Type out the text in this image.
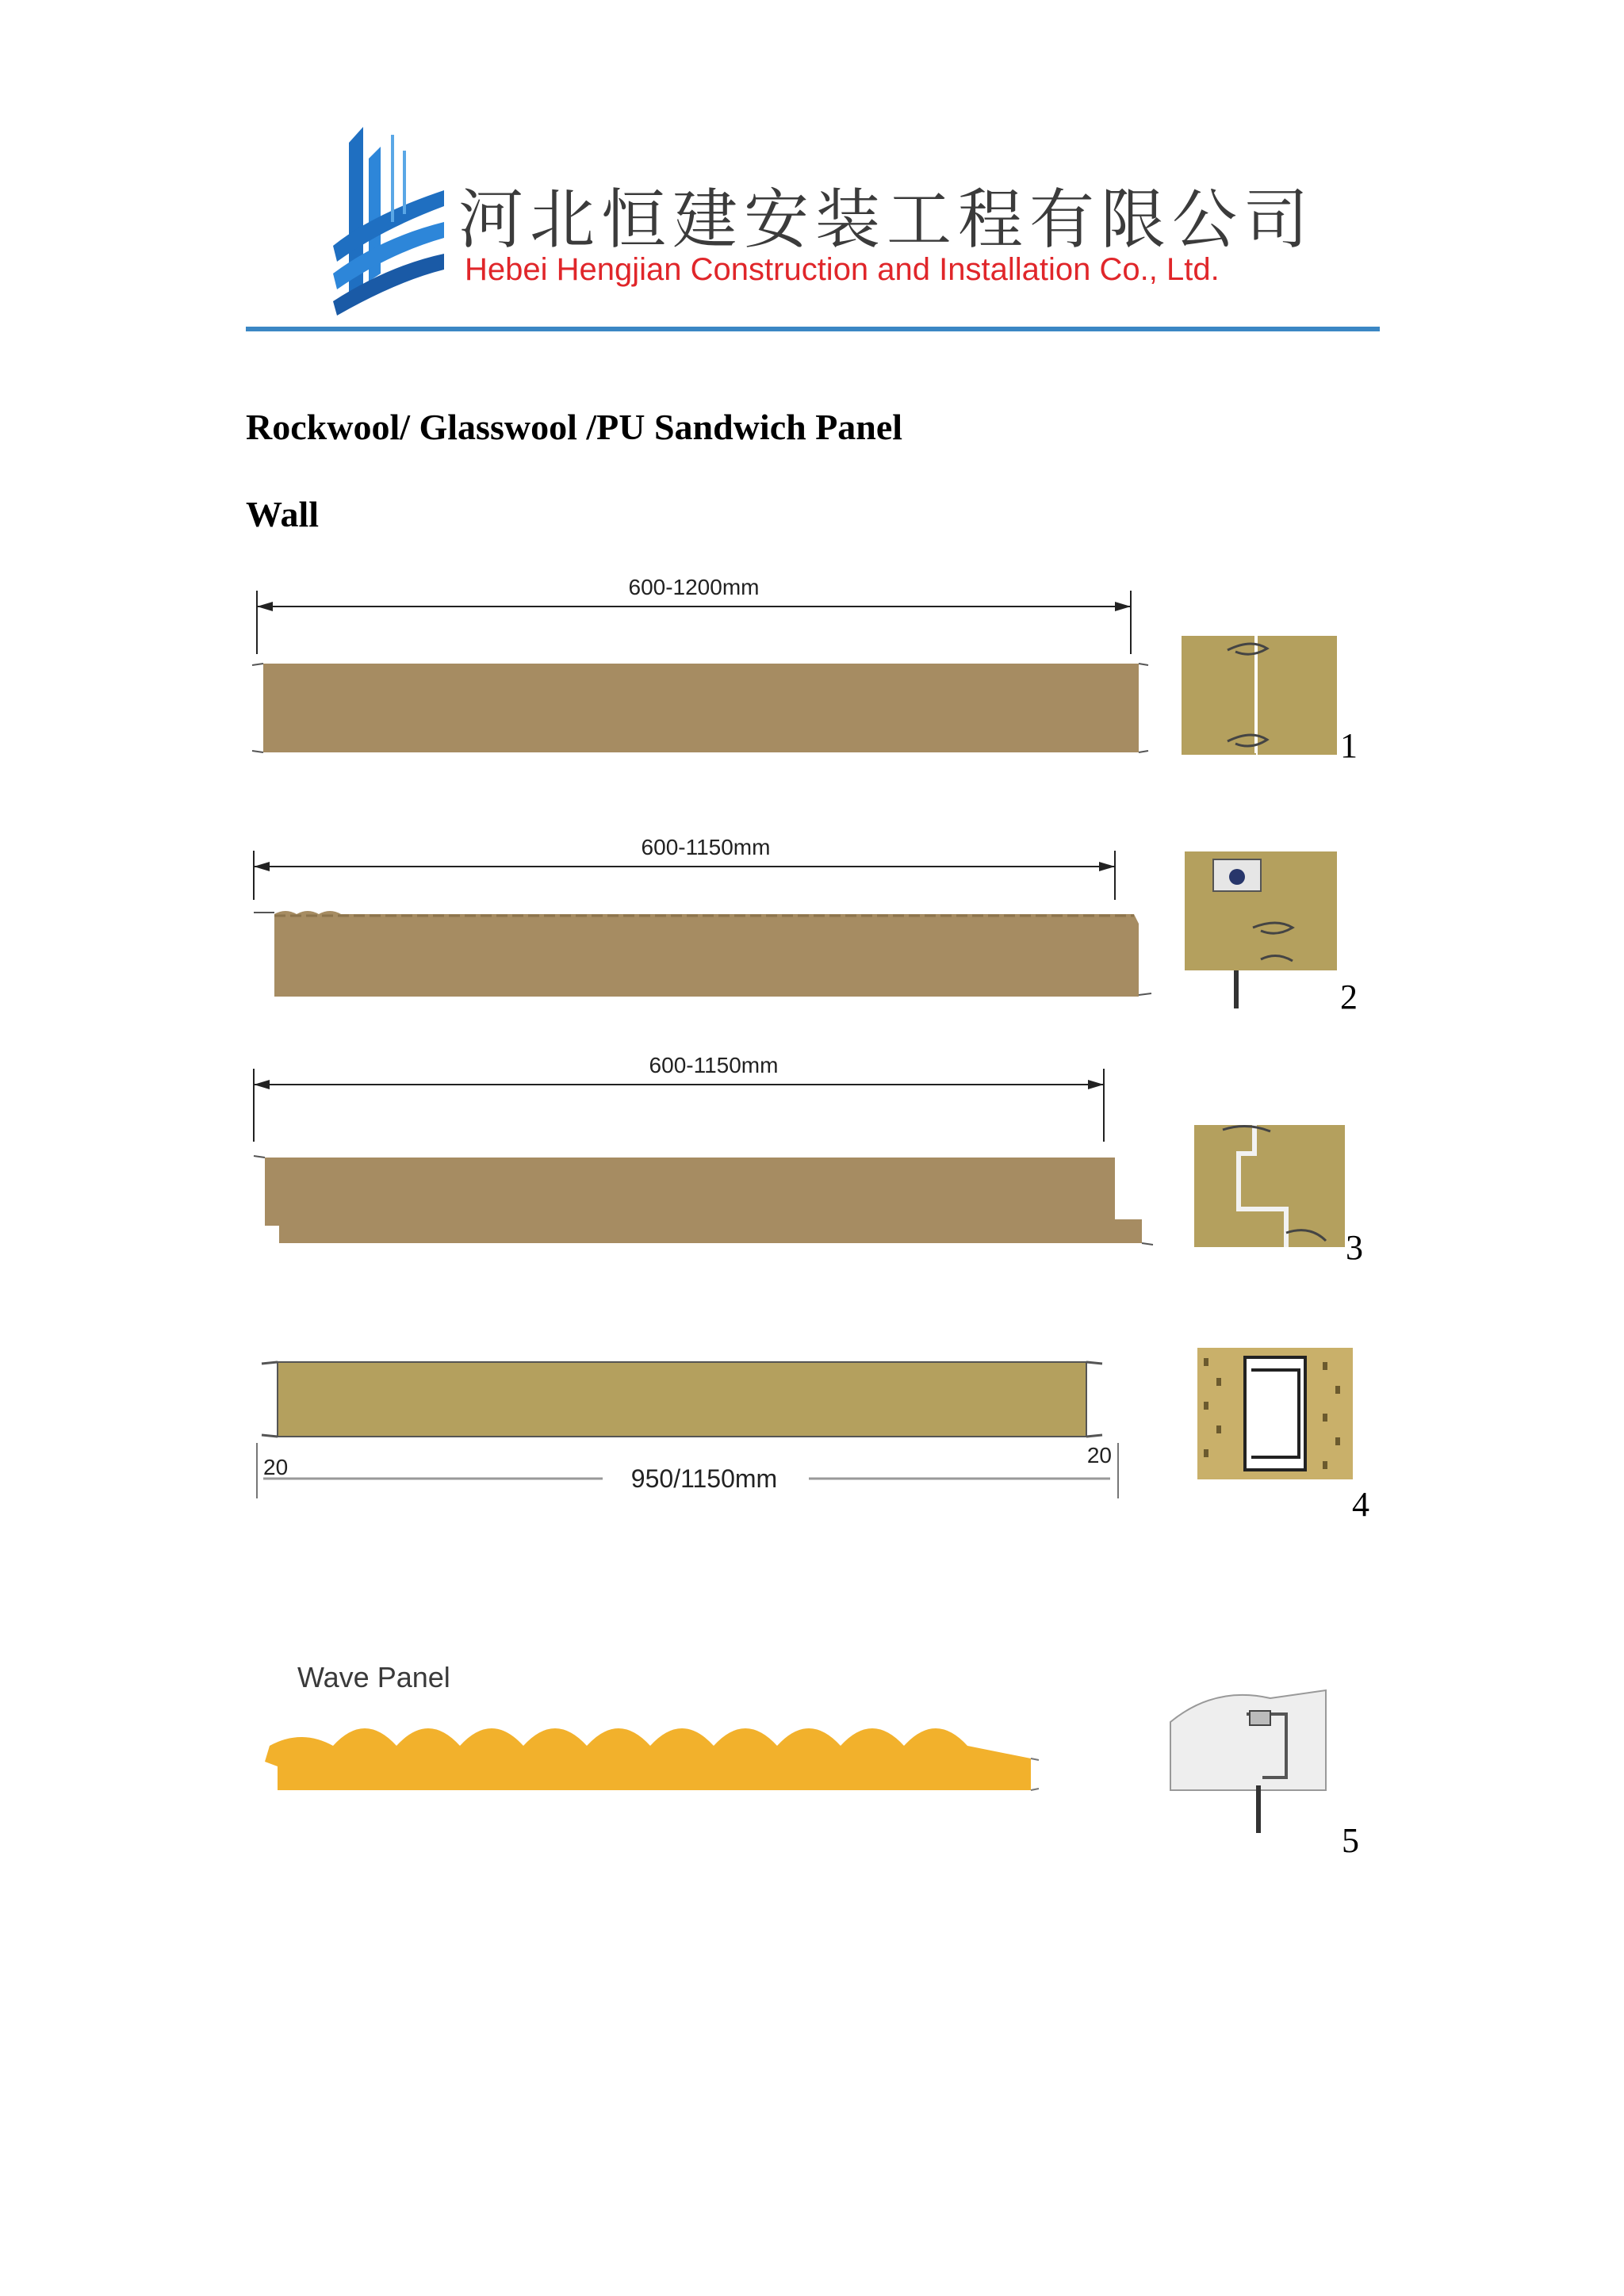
河北恒建安装工程有限公司
Hebei Hengjian Construction and Installation Co., Ltd.
Rockwool/ Glasswool /PU Sandwich Panel
Wall
600-1200mm
1
600-1150mm
2
600-1150mm
3
20	20
950/1150mm
4
Wave Panel
5
